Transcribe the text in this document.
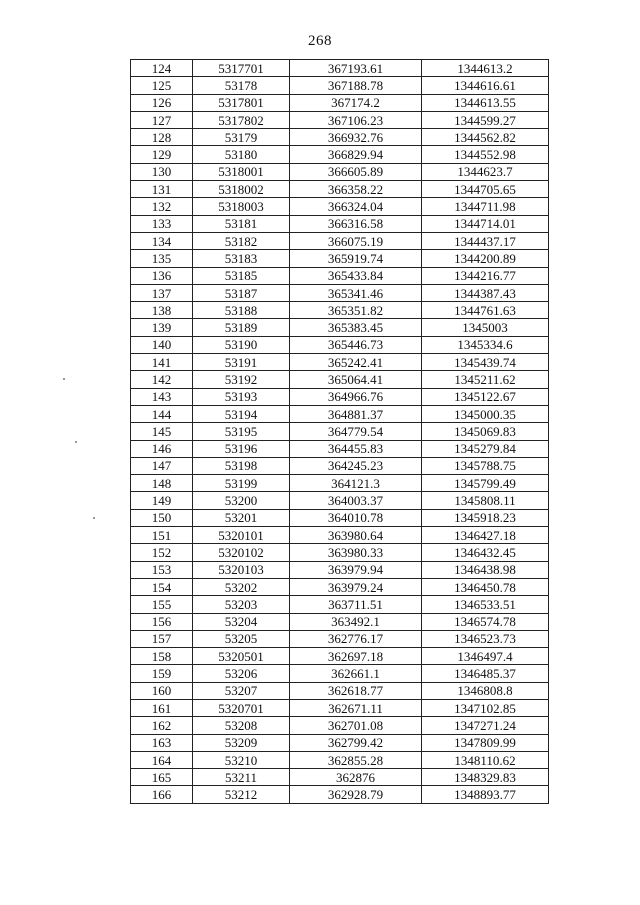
268
124	5317701	367193.61	1344613.2
125	53178	367188.78	1344616.61
126	5317801	367174.2	1344613.55
127	5317802	367106.23	1344599.27
128	53179	366932.76	1344562.82
129	53180	366829.94	1344552.98
130	5318001	366605.89	1344623.7
131	5318002	366358.22	1344705.65
132	5318003	366324.04	1344711.98
133	53181	366316.58	1344714.01
134	53182	366075.19	1344437.17
135	53183	365919.74	1344200.89
136	53185	365433.84	1344216.77
137	53187	365341.46	1344387.43
138	53188	365351.82	1344761.63
139	53189	365383.45	1345003
140	53190	365446.73	1345334.6
141	53191	365242.41	1345439.74
142	53192	365064.41	1345211.62
143	53193	364966.76	1345122.67
144	53194	364881.37	1345000.35
145	53195	364779.54	1345069.83
146	53196	364455.83	1345279.84
147	53198	364245.23	1345788.75
148	53199	364121.3	1345799.49
149	53200	364003.37	1345808.11
150	53201	364010.78	1345918.23
151	5320101	363980.64	1346427.18
152	5320102	363980.33	1346432.45
153	5320103	363979.94	1346438.98
154	53202	363979.24	1346450.78
155	53203	363711.51	1346533.51
156	53204	363492.1	1346574.78
157	53205	362776.17	1346523.73
158	5320501	362697.18	1346497.4
159	53206	362661.1	1346485.37
160	53207	362618.77	1346808.8
161	5320701	362671.11	1347102.85
162	53208	362701.08	1347271.24
163	53209	362799.42	1347809.99
164	53210	362855.28	1348110.62
165	53211	362876	1348329.83
166	53212	362928.79	1348893.77
